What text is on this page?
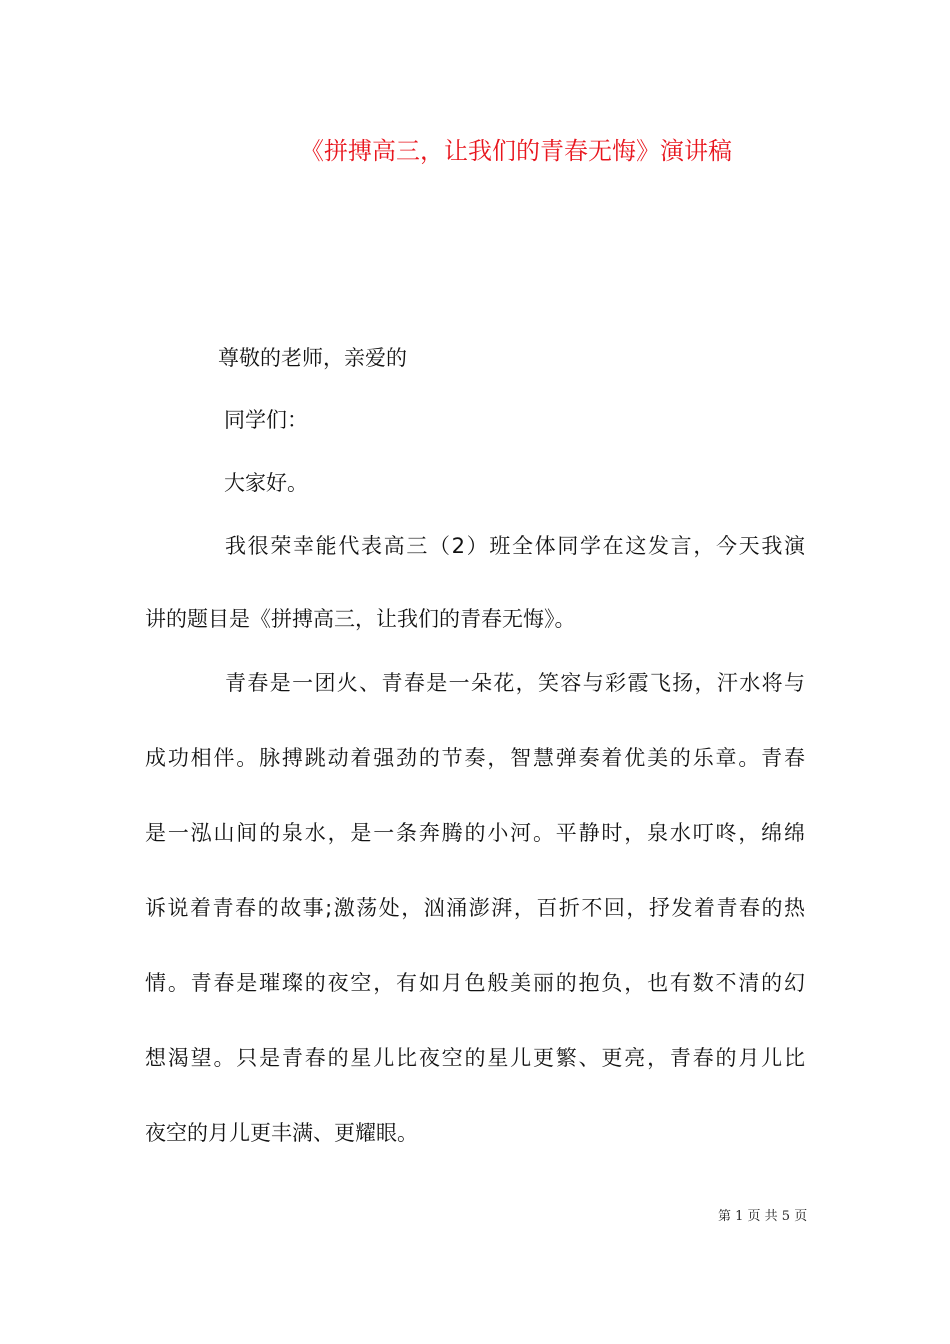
《拼搏高三，让我们的青春无悔》演讲稿
尊敬的老师，亲爱的
同学们：
大家好。
我很荣幸能代表高三（2）班全体同学在这发言，今天我演
讲的题目是《拼搏高三，让我们的青春无悔》。
青春是一团火、青春是一朵花，笑容与彩霞飞扬，汗水将与
成功相伴。脉搏跳动着强劲的节奏，智慧弹奏着优美的乐章。青春
是一泓山间的泉水，是一条奔腾的小河。平静时，泉水叮咚，绵绵
诉说着青春的故事;激荡处，汹涌澎湃，百折不回，抒发着青春的热
情。青春是璀璨的夜空，有如月色般美丽的抱负，也有数不清的幻
想渴望。只是青春的星儿比夜空的星儿更繁、更亮，青春的月儿比
夜空的月儿更丰满、更耀眼。
第 1 页 共 5 页
